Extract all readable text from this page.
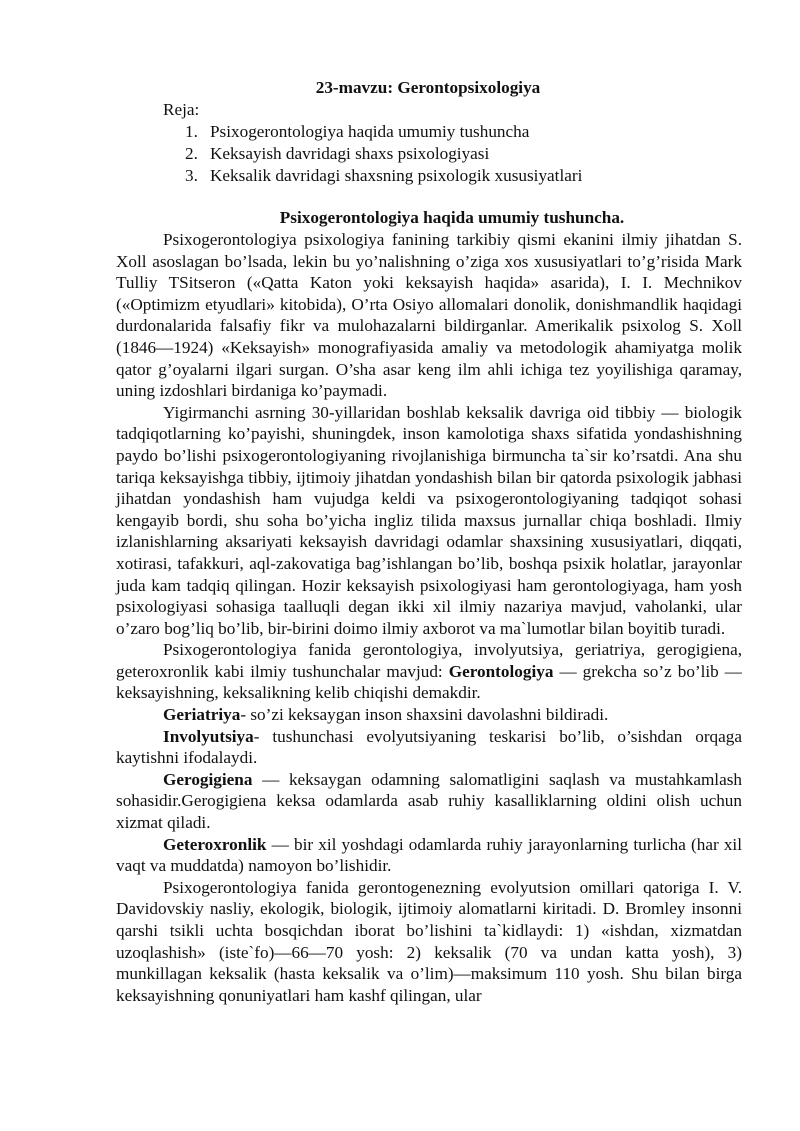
23-mavzu: Gerontopsixologiya
Reja:
1. Psixogerontologiya haqida umumiy tushuncha
2. Keksayish davridagi shaxs psixologiyasi
3. Keksalik davridagi shaxsning psixologik xususiyatlari
Psixogerontologiya haqida umumiy tushuncha.

Psixogerontologiya psixologiya fanining tarkibiy qismi ekanini ilmiy jihatdan S. Xoll asoslagan bo’lsada, lekin bu yo’nalishning o’ziga xos xususiyatlari to’g’risida Mark Tulliy TSitseron («Qatta Katon yoki keksayish haqida» asarida), I. I. Mechnikov («Optimizm etyudlari» kitobida), O’rta Osiyo allomalari donolik, donishmandlik haqidagi durdonalarida falsafiy fikr va mulohazalarni bildirganlar. Amerikalik psixolog S. Xoll (1846—1924) «Keksayish» monografiyasida amaliy va metodologik ahamiyatga molik qator g’oyalarni ilgari surgan. O’sha asar keng ilm ahli ichiga tez yoyilishiga qaramay, uning izdoshlari birdaniga ko’paymadi.

Yigirmanchi asrning 30-yillaridan boshlab keksalik davriga oid tibbiy — biologik tadqiqotlarning ko’payishi, shuningdek, inson kamolotiga shaxs sifatida yondashishning paydo bo’lishi psixogerontologiyaning rivojlanishiga birmuncha ta`sir ko’rsatdi. Ana shu tariqa keksayishga tibbiy, ijtimoiy jihatdan yondashish bilan bir qatorda psixologik jabhasi jihatdan yondashish ham vujudga keldi va psixogerontologiyaning tadqiqot sohasi kengayib bordi, shu soha bo’yicha ingliz tilida maxsus jurnallar chiqa boshladi. Ilmiy izlanishlarning aksariyati keksayish davridagi odamlar shaxsining xususiyatlari, diqqati, xotirasi, tafakkuri, aql-zakovatiga bag’ishlangan bo’lib, boshqa psixik holatlar, jarayonlar juda kam tadqiq qilingan. Hozir keksayish psixologiyasi ham gerontologiyaga, ham yosh psixologiyasi sohasiga taalluqli degan ikki xil ilmiy nazariya mavjud, vaholanki, ular o’zaro bog’liq bo’lib, bir-birini doimo ilmiy axborot va ma`lumotlar bilan boyitib turadi.

Psixogerontologiya fanida gerontologiya, involyutsiya, geriatriya, gerogigiena, geteroxronlik kabi ilmiy tushunchalar mavjud: Gerontologiya — grekcha so’z bo’lib — keksayishning, keksalikning kelib chiqishi demakdir.

Geriatriya- so’zi keksaygan inson shaxsini davolashni bildiradi.

Involyutsiya- tushunchasi evolyutsiyaning teskarisi bo’lib, o’sishdan orqaga kaytishni ifodalaydi.

Gerogigiena — keksaygan odamning salomatligini saqlash va mustahkamlash sohasidir.Gerogigiena keksa odamlarda asab ruhiy kasalliklarning oldini olish uchun xizmat qiladi.

Geteroxronlik — bir xil yoshdagi odamlarda ruhiy jarayonlarning turlicha (har xil vaqt va muddatda) namoyon bo’lishidir.

Psixogerontologiya fanida gerontogenezning evolyutsion omillari qatoriga I. V. Davidovskiy nasliy, ekologik, biologik, ijtimoiy alomatlarni kiritadi. D. Bromley insonni qarshi tsikli uchta bosqichdan iborat bo’lishini ta`kidlaydi: 1) «ishdan, xizmatdan uzoqlashish» (iste`fo)—66—70 yosh: 2) keksalik (70 va undan katta yosh), 3) munkillagan keksalik (hasta keksalik va o’lim)—maksimum 110 yosh. Shu bilan birga keksayishning qonuniyatlari ham kashf qilingan, ular
